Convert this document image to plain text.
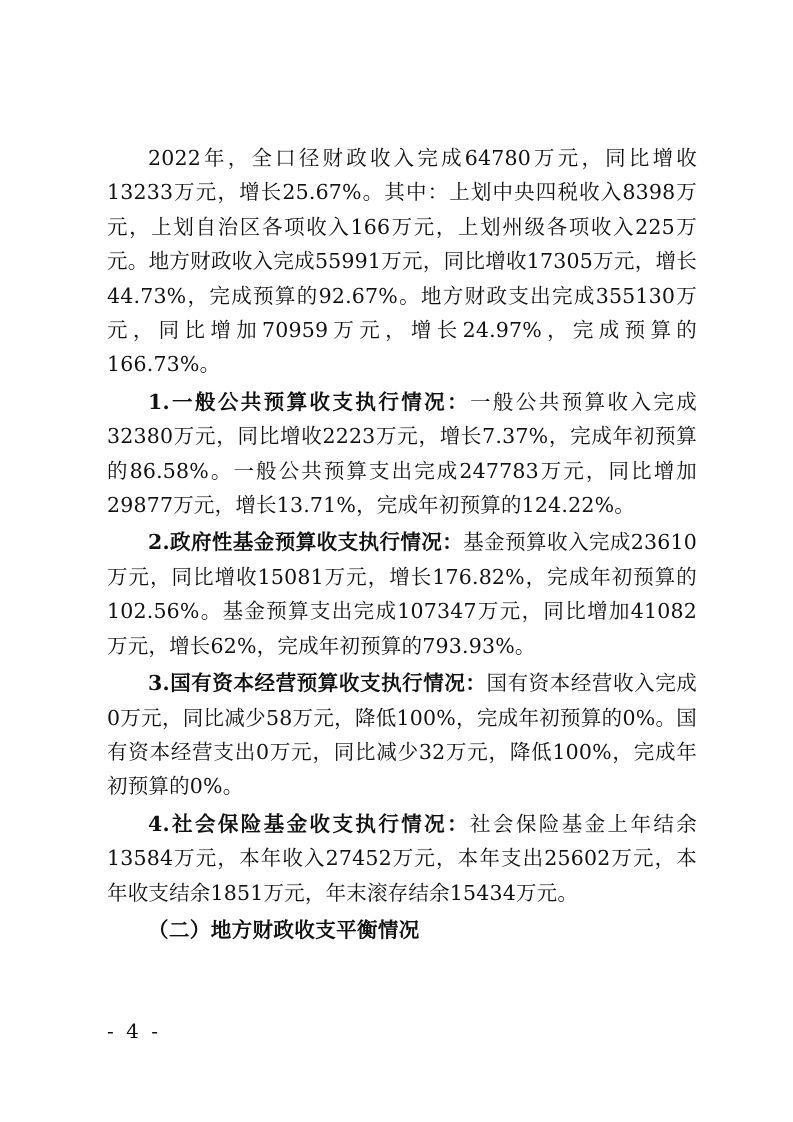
2022年，全口径财政收入完成64780万元，同比增收13233万元，增长25.67%。其中：上划中央四税收入8398万元，上划自治区各项收入166万元，上划州级各项收入225万元。地方财政收入完成55991万元，同比增收17305万元，增长44.73%，完成预算的92.67%。地方财政支出完成355130万元，同比增加70959万元，增长24.97%，完成预算的166.73%。

1.一般公共预算收支执行情况：一般公共预算收入完成32380万元，同比增收2223万元，增长7.37%，完成年初预算的86.58%。一般公共预算支出完成247783万元，同比增加29877万元，增长13.71%，完成年初预算的124.22%。

2.政府性基金预算收支执行情况：基金预算收入完成23610万元，同比增收15081万元，增长176.82%，完成年初预算的102.56%。基金预算支出完成107347万元，同比增加41082万元，增长62%，完成年初预算的793.93%。

3.国有资本经营预算收支执行情况：国有资本经营收入完成0万元，同比减少58万元，降低100%，完成年初预算的0%。国有资本经营支出0万元，同比减少32万元，降低100%，完成年初预算的0%。

4.社会保险基金收支执行情况：社会保险基金上年结余13584万元，本年收入27452万元，本年支出25602万元，本年收支结余1851万元，年末滚存结余15434万元。

（二）地方财政收支平衡情况

- 4 -
